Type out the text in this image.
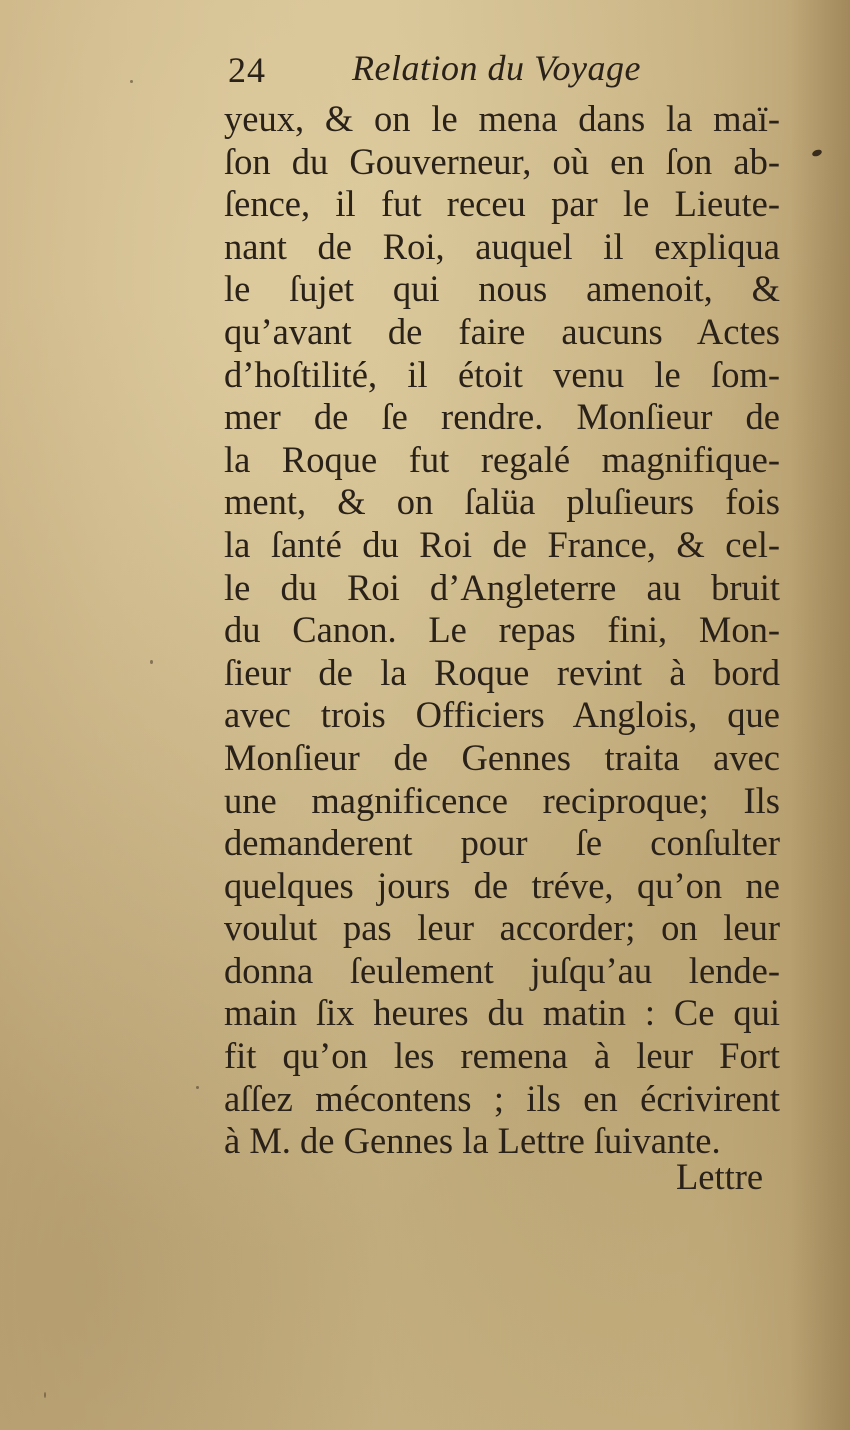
24 Relation du Voyage
yeux, & on le mena dans la maï-
ſon du Gouverneur, où en ſon ab-
ſence, il fut receu par le Lieute-
nant de Roi, auquel il expliqua
le ſujet qui nous amenoit, &
qu’avant de faire aucuns Actes
d’hoſtilité, il étoit venu le ſom-
mer de ſe rendre. Monſieur de
la Roque fut regalé magnifique-
ment, & on ſalüa pluſieurs fois
la ſanté du Roi de France, & cel-
le du Roi d’Angleterre au bruit
du Canon. Le repas fini, Mon-
ſieur de la Roque revint à bord
avec trois Officiers Anglois, que
Monſieur de Gennes traita avec
une magnificence reciproque; Ils
demanderent pour ſe conſulter
quelques jours de tréve, qu’on ne
voulut pas leur accorder; on leur
donna ſeulement juſqu’au lende-
main ſix heures du matin : Ce qui
fit qu’on les remena à leur Fort
aſſez mécontens ; ils en écrivirent
à M. de Gennes la Lettre ſuivante.
Lettre
